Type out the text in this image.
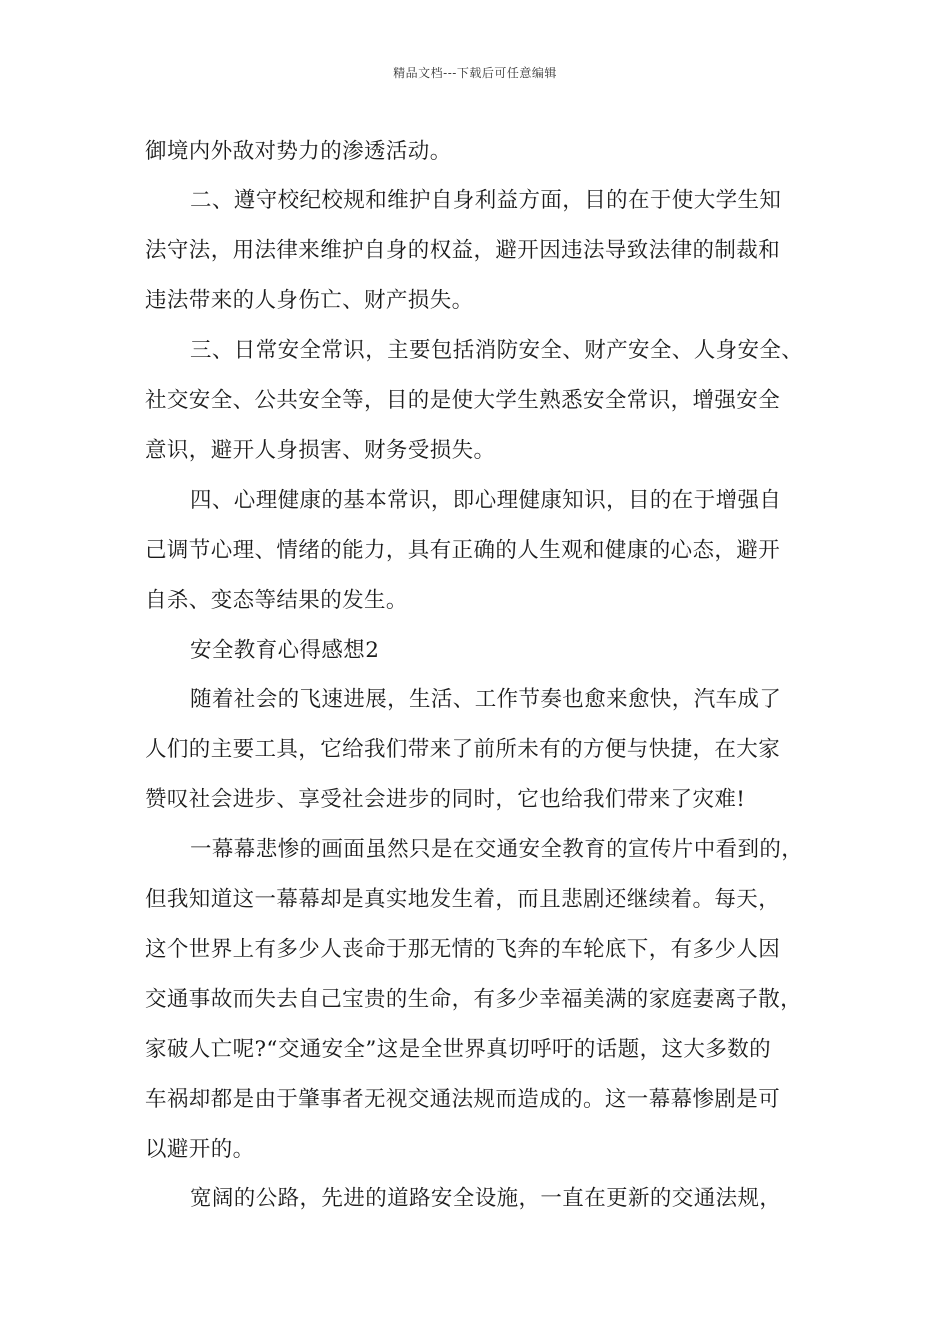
精品文档---下载后可任意编辑
御境内外敌对势力的渗透活动。
二、遵守校纪校规和维护自身利益方面，目的在于使大学生知
法守法，用法律来维护自身的权益，避开因违法导致法律的制裁和
违法带来的人身伤亡、财产损失。
三、日常安全常识，主要包括消防安全、财产安全、人身安全、
社交安全、公共安全等，目的是使大学生熟悉安全常识，增强安全
意识，避开人身损害、财务受损失。
四、心理健康的基本常识，即心理健康知识，目的在于增强自
己调节心理、情绪的能力，具有正确的人生观和健康的心态，避开
自杀、变态等结果的发生。
安全教育心得感想2
随着社会的飞速进展，生活、工作节奏也愈来愈快，汽车成了
人们的主要工具，它给我们带来了前所未有的方便与快捷，在大家
赞叹社会进步、享受社会进步的同时，它也给我们带来了灾难!
一幕幕悲惨的画面虽然只是在交通安全教育的宣传片中看到的，
但我知道这一幕幕却是真实地发生着，而且悲剧还继续着。每天，
这个世界上有多少人丧命于那无情的飞奔的车轮底下，有多少人因
交通事故而失去自己宝贵的生命，有多少幸福美满的家庭妻离子散，
家破人亡呢?“交通安全”这是全世界真切呼吁的话题，这大多数的
车祸却都是由于肇事者无视交通法规而造成的。这一幕幕惨剧是可
以避开的。
宽阔的公路，先进的道路安全设施，一直在更新的交通法规，
